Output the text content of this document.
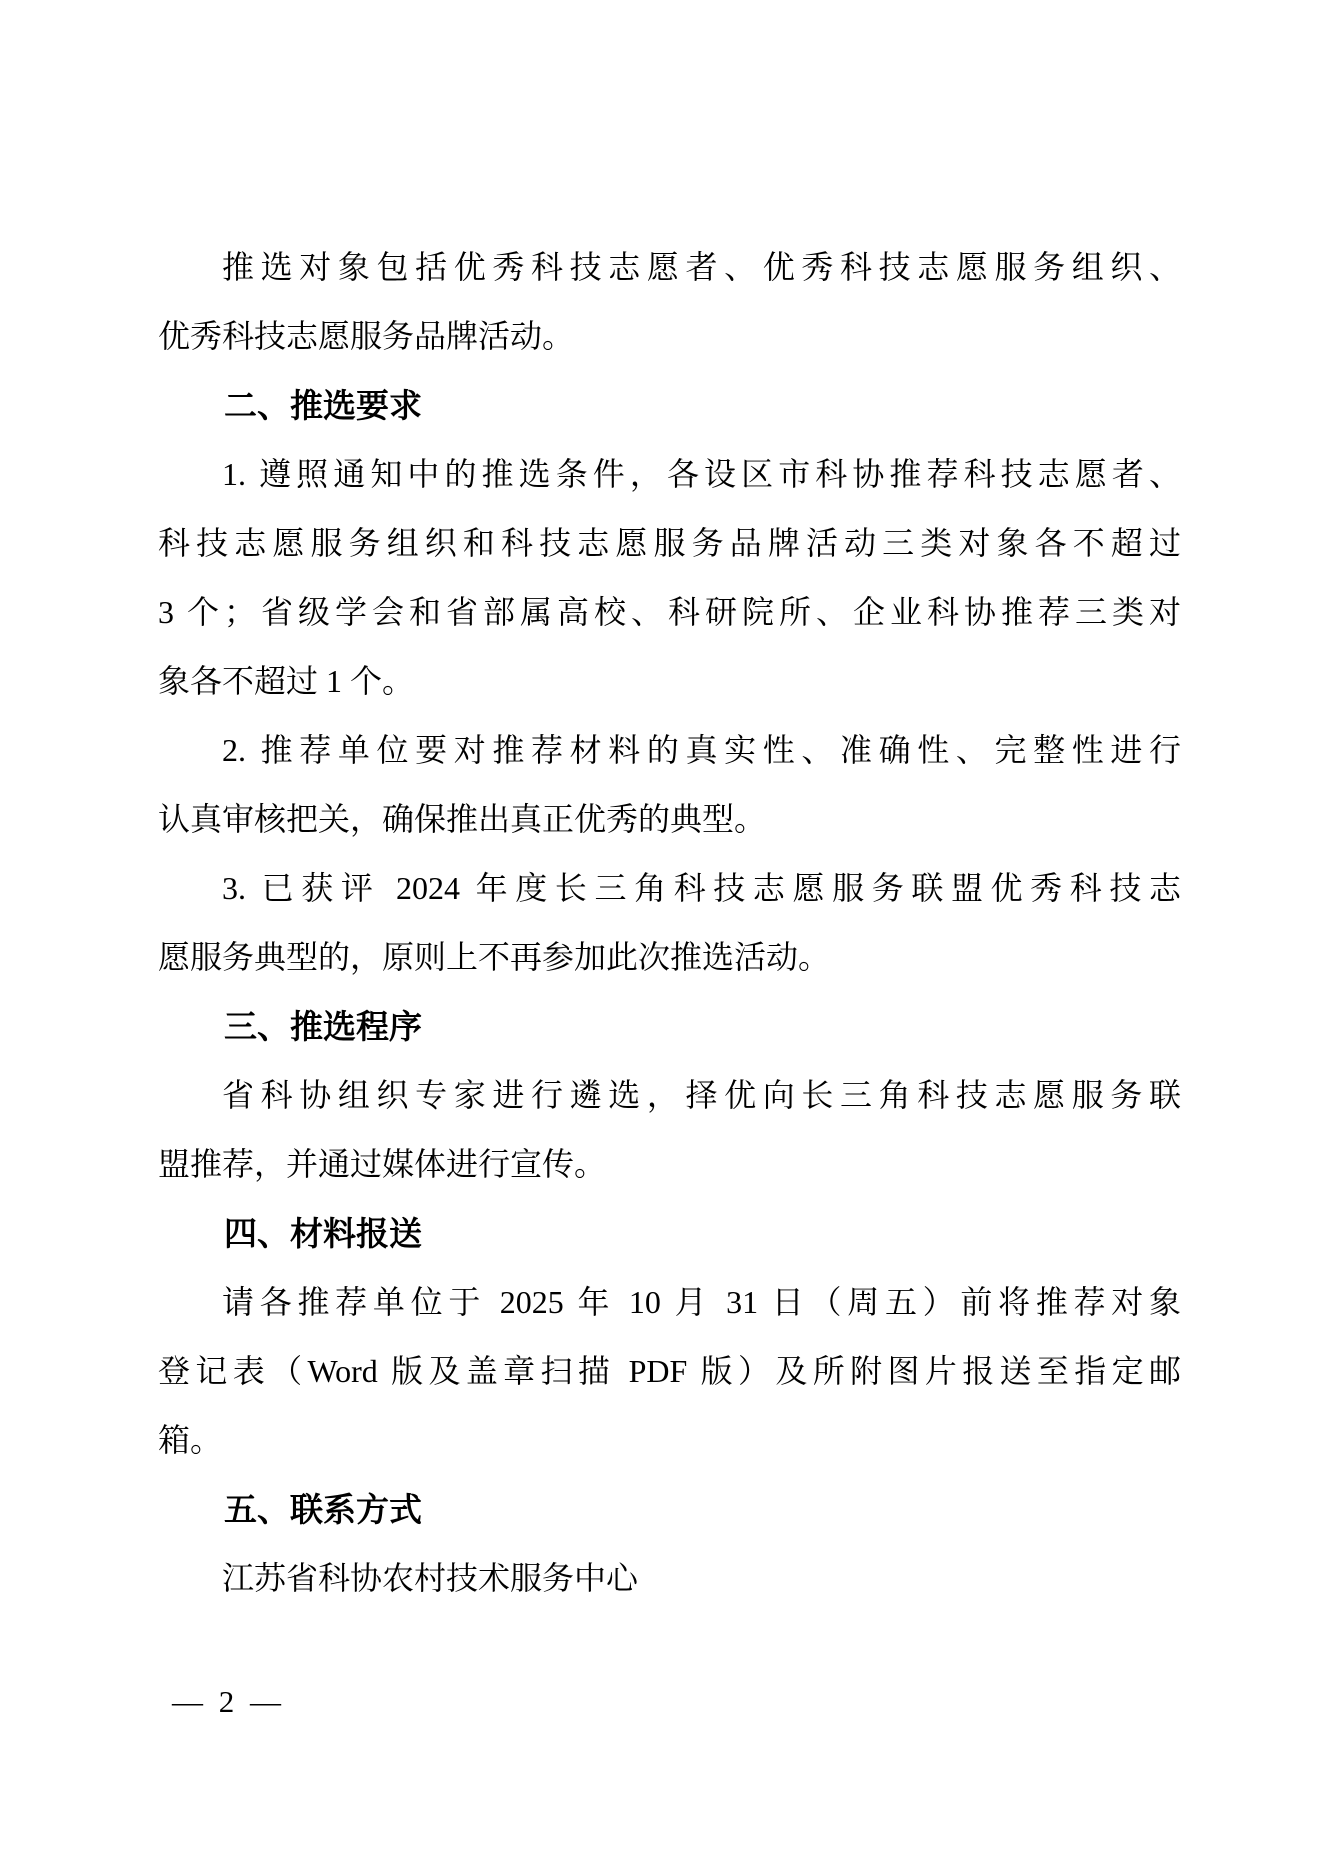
推选对象包括优秀科技志愿者、优秀科技志愿服务组织、
优秀科技志愿服务品牌活动。
二、推选要求
1. 遵照通知中的推选条件，各设区市科协推荐科技志愿者、
科技志愿服务组织和科技志愿服务品牌活动三类对象各不超过
3 个；省级学会和省部属高校、科研院所、企业科协推荐三类对
象各不超过 1 个。
2. 推荐单位要对推荐材料的真实性、准确性、完整性进行
认真审核把关，确保推出真正优秀的典型。
3. 已获评 2024 年度长三角科技志愿服务联盟优秀科技志
愿服务典型的，原则上不再参加此次推选活动。
三、推选程序
省科协组织专家进行遴选，择优向长三角科技志愿服务联
盟推荐，并通过媒体进行宣传。
四、材料报送
请各推荐单位于 2025 年 10 月 31 日（周五）前将推荐对象
登记表（Word 版及盖章扫描 PDF 版）及所附图片报送至指定邮
箱。
五、联系方式
江苏省科协农村技术服务中心
— 2 —
